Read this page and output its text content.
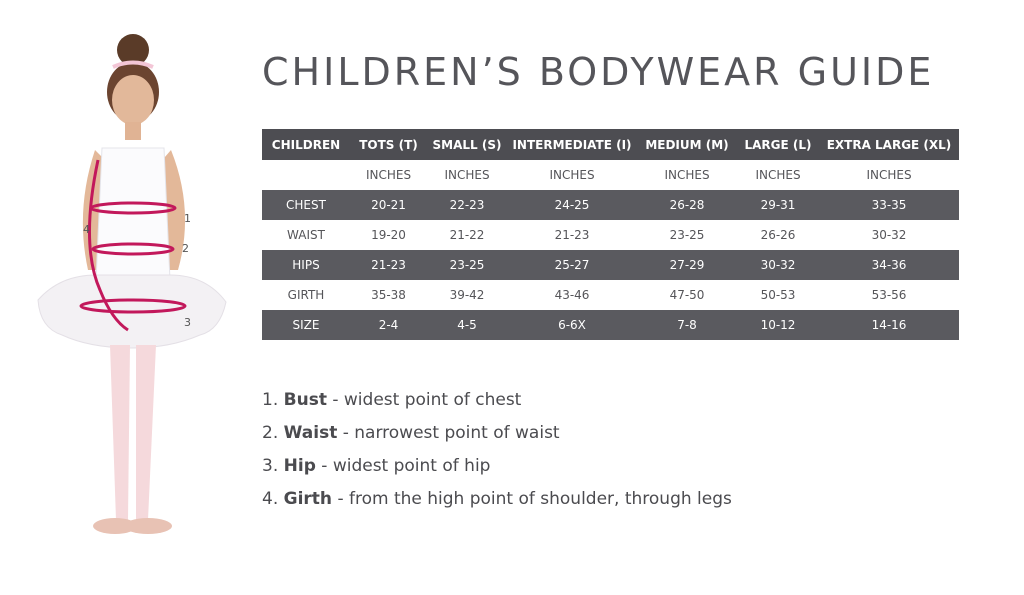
1
2
3
4
CHILDREN’S BODYWEAR GUIDE
CHILDREN	TOTS (T)	SMALL (S)	INTERMEDIATE (I)	MEDIUM (M)	LARGE (L)	EXTRA LARGE (XL)
	INCHES	INCHES	INCHES	INCHES	INCHES	INCHES
CHEST	20-21	22-23	24-25	26-28	29-31	33-35
WAIST	19-20	21-22	21-23	23-25	26-26	30-32
HIPS	21-23	23-25	25-27	27-29	30-32	34-36
GIRTH	35-38	39-42	43-46	47-50	50-53	53-56
SIZE	2-4	4-5	6-6X	7-8	10-12	14-16
1. Bust - widest point of chest
2. Waist - narrowest point of waist
3. Hip - widest point of hip
4. Girth - from the high point of shoulder, through legs
